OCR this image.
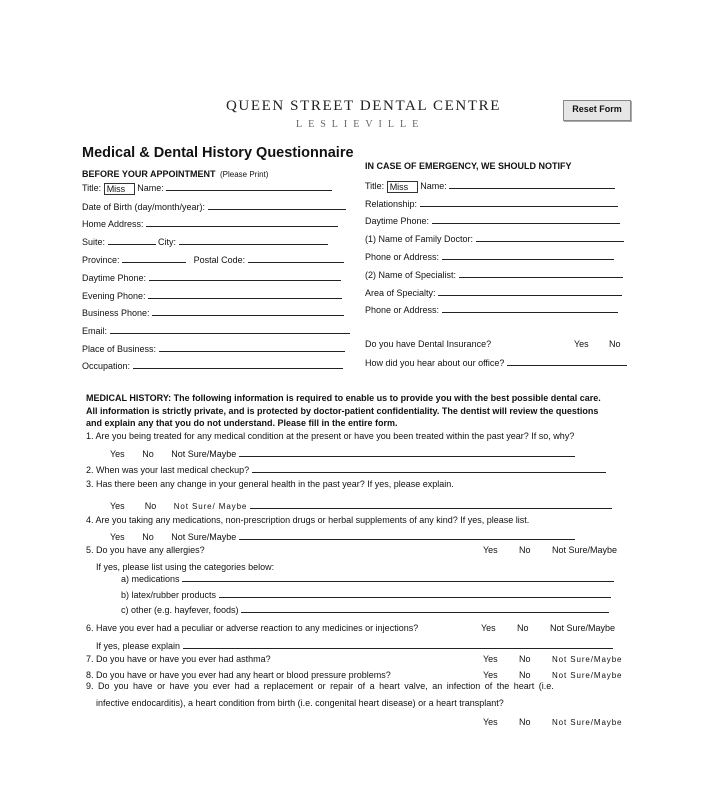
QUEEN STREET DENTAL CENTRE
LESLIEVILLE
Reset Form
Medical & Dental History Questionnaire
BEFORE YOUR APPOINTMENT (Please Print)
Title: Miss Name:
Date of Birth (day/month/year):
Home Address:
Suite:	City:
Province:	Postal Code:
Daytime Phone:
Evening Phone:
Business Phone:
Email:
Place of Business:
Occupation:
IN CASE OF EMERGENCY, WE SHOULD NOTIFY
Title: Miss Name:
Relationship:
Daytime Phone:
(1) Name of Family Doctor:
Phone or Address:
(2) Name of Specialist:
Area of Specialty:
Phone or Address:
Do you have Dental Insurance?	Yes No
How did you hear about our office?
MEDICAL HISTORY: The following information is required to enable us to provide you with the best possible dental care.
All information is strictly private, and is protected by doctor-patient confidentiality. The dentist will review the questions
and explain any that you do not understand. Please fill in the entire form.
1. Are you being treated for any medical condition at the present or have you been treated within the past year? If so, why?
Yes No Not Sure/Maybe
2. When was your last medical checkup?
3. Has there been any change in your general health in the past year? If yes, please explain.
Yes No Not Sure/ Maybe
4. Are you taking any medications, non-prescription drugs or herbal supplements of any kind? If yes, please list.
Yes No Not Sure/Maybe
5. Do you have any allergies?	Yes No Not Sure/Maybe
If yes, please list using the categories below:
a) medications
b) latex/rubber products
c) other (e.g. hayfever, foods)
6. Have you ever had a peculiar or adverse reaction to any medicines or injections?	Yes No Not Sure/Maybe
If yes, please explain
7. Do you have or have you ever had asthma?	Yes No	Not Sure/Maybe
8. Do you have or have you ever had any heart or blood pressure problems?	Yes No	Not Sure/Maybe
9. Do you have or have you ever had a replacement or repair of a heart valve, an infection of the heart (i.e.
infective endocarditis), a heart condition from birth (i.e. congenital heart disease) or a heart transplant?
Yes No	Not Sure/Maybe
